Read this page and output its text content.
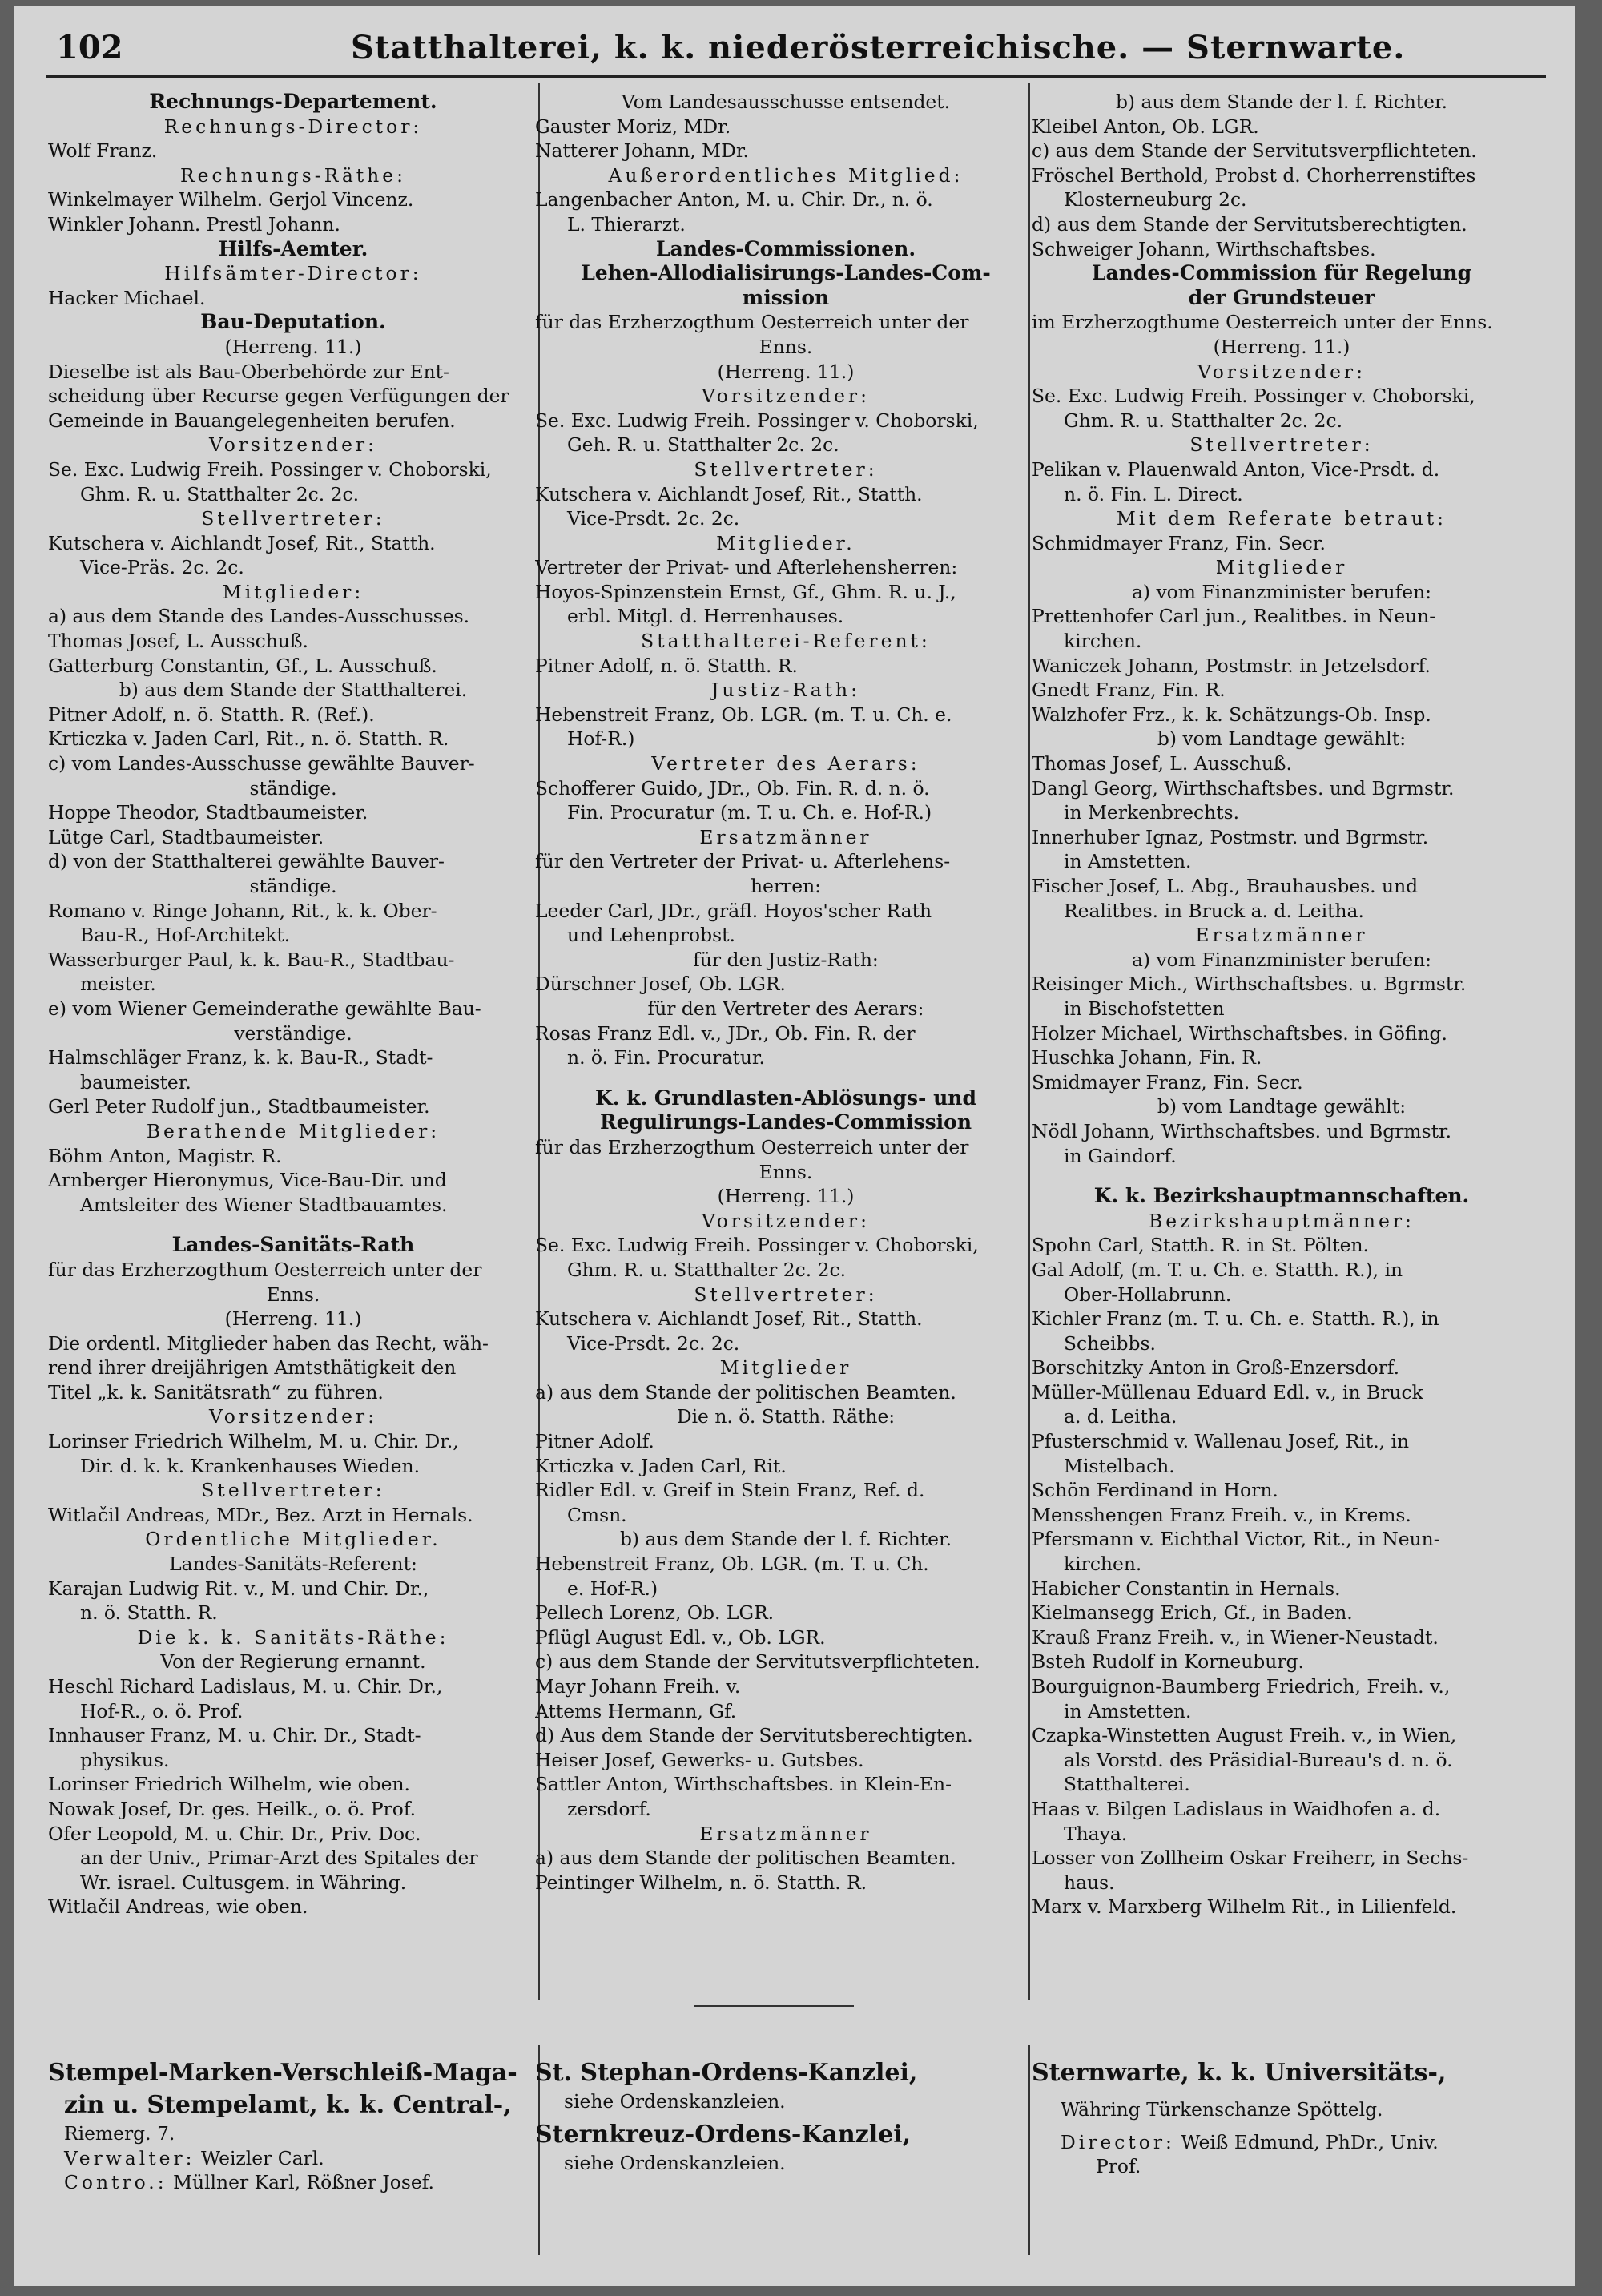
102	Statthalterei, k. k. niederösterreichische. — Sternwarte.
Rechnungs-Departement.
Rechnungs-Director:
Wolf Franz.
Rechnungs-Räthe:
Winkelmayer Wilhelm. Gerjol Vincenz.
Winkler Johann. Prestl Johann.
Hilfs-Aemter.
Hilfsämter-Director:
Hacker Michael.
Bau-Deputation.
(Herreng. 11.)
Dieselbe ist als Bau-Oberbehörde zur Ent-
scheidung über Recurse gegen Verfügungen der
Gemeinde in Bauangelegenheiten berufen.
Vorsitzender:
Se. Exc. Ludwig Freih. Possinger v. Choborski,
Ghm. R. u. Statthalter 2c. 2c.
Stellvertreter:
Kutschera v. Aichlandt Josef, Rit., Statth.
Vice-Präs. 2c. 2c.
Mitglieder:
a) aus dem Stande des Landes-Ausschusses.
Thomas Josef, L. Ausschuß.
Gatterburg Constantin, Gf., L. Ausschuß.
b) aus dem Stande der Statthalterei.
Pitner Adolf, n. ö. Statth. R. (Ref.).
Krticzka v. Jaden Carl, Rit., n. ö. Statth. R.
c) vom Landes-Ausschusse gewählte Bauver-
ständige.
Hoppe Theodor, Stadtbaumeister.
Lütge Carl, Stadtbaumeister.
d) von der Statthalterei gewählte Bauver-
ständige.
Romano v. Ringe Johann, Rit., k. k. Ober-
Bau-R., Hof-Architekt.
Wasserburger Paul, k. k. Bau-R., Stadtbau-
meister.
e) vom Wiener Gemeinderathe gewählte Bau-
verständige.
Halmschläger Franz, k. k. Bau-R., Stadt-
baumeister.
Gerl Peter Rudolf jun., Stadtbaumeister.
Berathende Mitglieder:
Böhm Anton, Magistr. R.
Arnberger Hieronymus, Vice-Bau-Dir. und
Amtsleiter des Wiener Stadtbauamtes.
Landes-Sanitäts-Rath
für das Erzherzogthum Oesterreich unter der
Enns.
(Herreng. 11.)
Die ordentl. Mitglieder haben das Recht, wäh-
rend ihrer dreijährigen Amtsthätigkeit den
Titel „k. k. Sanitätsrath“ zu führen.
Vorsitzender:
Lorinser Friedrich Wilhelm, M. u. Chir. Dr.,
Dir. d. k. k. Krankenhauses Wieden.
Stellvertreter:
Witlačil Andreas, MDr., Bez. Arzt in Hernals.
Ordentliche Mitglieder.
Landes-Sanitäts-Referent:
Karajan Ludwig Rit. v., M. und Chir. Dr.,
n. ö. Statth. R.
Die k. k. Sanitäts-Räthe:
Von der Regierung ernannt.
Heschl Richard Ladislaus, M. u. Chir. Dr.,
Hof-R., o. ö. Prof.
Innhauser Franz, M. u. Chir. Dr., Stadt-
physikus.
Lorinser Friedrich Wilhelm, wie oben.
Nowak Josef, Dr. ges. Heilk., o. ö. Prof.
Ofer Leopold, M. u. Chir. Dr., Priv. Doc.
an der Univ., Primar-Arzt des Spitales der
Wr. israel. Cultusgem. in Währing.
Witlačil Andreas, wie oben.
Vom Landesausschusse entsendet.
Gauster Moriz, MDr.
Natterer Johann, MDr.
Außerordentliches Mitglied:
Langenbacher Anton, M. u. Chir. Dr., n. ö.
L. Thierarzt.
Landes-Commissionen.
Lehen-Allodialisirungs-Landes-Com-
mission
für das Erzherzogthum Oesterreich unter der
Enns.
(Herreng. 11.)
Vorsitzender:
Se. Exc. Ludwig Freih. Possinger v. Choborski,
Geh. R. u. Statthalter 2c. 2c.
Stellvertreter:
Kutschera v. Aichlandt Josef, Rit., Statth.
Vice-Prsdt. 2c. 2c.
Mitglieder.
Vertreter der Privat- und Afterlehensherren:
Hoyos-Spinzenstein Ernst, Gf., Ghm. R. u. J.,
erbl. Mitgl. d. Herrenhauses.
Statthalterei-Referent:
Pitner Adolf, n. ö. Statth. R.
Justiz-Rath:
Hebenstreit Franz, Ob. LGR. (m. T. u. Ch. e.
Hof-R.)
Vertreter des Aerars:
Schofferer Guido, JDr., Ob. Fin. R. d. n. ö.
Fin. Procuratur (m. T. u. Ch. e. Hof-R.)
Ersatzmänner
für den Vertreter der Privat- u. Afterlehens-
herren:
Leeder Carl, JDr., gräfl. Hoyos'scher Rath
und Lehenprobst.
für den Justiz-Rath:
Dürschner Josef, Ob. LGR.
für den Vertreter des Aerars:
Rosas Franz Edl. v., JDr., Ob. Fin. R. der
n. ö. Fin. Procuratur.
K. k. Grundlasten-Ablösungs- und
Regulirungs-Landes-Commission
für das Erzherzogthum Oesterreich unter der
Enns.
(Herreng. 11.)
Vorsitzender:
Se. Exc. Ludwig Freih. Possinger v. Choborski,
Ghm. R. u. Statthalter 2c. 2c.
Stellvertreter:
Kutschera v. Aichlandt Josef, Rit., Statth.
Vice-Prsdt. 2c. 2c.
Mitglieder
a) aus dem Stande der politischen Beamten.
Die n. ö. Statth. Räthe:
Pitner Adolf.
Krticzka v. Jaden Carl, Rit.
Ridler Edl. v. Greif in Stein Franz, Ref. d.
Cmsn.
b) aus dem Stande der l. f. Richter.
Hebenstreit Franz, Ob. LGR. (m. T. u. Ch.
e. Hof-R.)
Pellech Lorenz, Ob. LGR.
Pflügl August Edl. v., Ob. LGR.
c) aus dem Stande der Servitutsverpflichteten.
Mayr Johann Freih. v.
Attems Hermann, Gf.
d) Aus dem Stande der Servitutsberechtigten.
Heiser Josef, Gewerks- u. Gutsbes.
Sattler Anton, Wirthschaftsbes. in Klein-En-
zersdorf.
Ersatzmänner
a) aus dem Stande der politischen Beamten.
Peintinger Wilhelm, n. ö. Statth. R.
b) aus dem Stande der l. f. Richter.
Kleibel Anton, Ob. LGR.
c) aus dem Stande der Servitutsverpflichteten.
Fröschel Berthold, Probst d. Chorherrenstiftes
Klosterneuburg 2c.
d) aus dem Stande der Servitutsberechtigten.
Schweiger Johann, Wirthschaftsbes.
Landes-Commission für Regelung
der Grundsteuer
im Erzherzogthume Oesterreich unter der Enns.
(Herreng. 11.)
Vorsitzender:
Se. Exc. Ludwig Freih. Possinger v. Choborski,
Ghm. R. u. Statthalter 2c. 2c.
Stellvertreter:
Pelikan v. Plauenwald Anton, Vice-Prsdt. d.
n. ö. Fin. L. Direct.
Mit dem Referate betraut:
Schmidmayer Franz, Fin. Secr.
Mitglieder
a) vom Finanzminister berufen:
Prettenhofer Carl jun., Realitbes. in Neun-
kirchen.
Waniczek Johann, Postmstr. in Jetzelsdorf.
Gnedt Franz, Fin. R.
Walzhofer Frz., k. k. Schätzungs-Ob. Insp.
b) vom Landtage gewählt:
Thomas Josef, L. Ausschuß.
Dangl Georg, Wirthschaftsbes. und Bgrmstr.
in Merkenbrechts.
Innerhuber Ignaz, Postmstr. und Bgrmstr.
in Amstetten.
Fischer Josef, L. Abg., Brauhausbes. und
Realitbes. in Bruck a. d. Leitha.
Ersatzmänner
a) vom Finanzminister berufen:
Reisinger Mich., Wirthschaftsbes. u. Bgrmstr.
in Bischofstetten
Holzer Michael, Wirthschaftsbes. in Göfing.
Huschka Johann, Fin. R.
Smidmayer Franz, Fin. Secr.
b) vom Landtage gewählt:
Nödl Johann, Wirthschaftsbes. und Bgrmstr.
in Gaindorf.
K. k. Bezirkshauptmannschaften.
Bezirkshauptmänner:
Spohn Carl, Statth. R. in St. Pölten.
Gal Adolf, (m. T. u. Ch. e. Statth. R.), in
Ober-Hollabrunn.
Kichler Franz (m. T. u. Ch. e. Statth. R.), in
Scheibbs.
Borschitzky Anton in Groß-Enzersdorf.
Müller-Müllenau Eduard Edl. v., in Bruck
a. d. Leitha.
Pfusterschmid v. Wallenau Josef, Rit., in
Mistelbach.
Schön Ferdinand in Horn.
Mensshengen Franz Freih. v., in Krems.
Pfersmann v. Eichthal Victor, Rit., in Neun-
kirchen.
Habicher Constantin in Hernals.
Kielmansegg Erich, Gf., in Baden.
Krauß Franz Freih. v., in Wiener-Neustadt.
Bsteh Rudolf in Korneuburg.
Bourguignon-Baumberg Friedrich, Freih. v.,
in Amstetten.
Czapka-Winstetten August Freih. v., in Wien,
als Vorstd. des Präsidial-Bureau's d. n. ö.
Statthalterei.
Haas v. Bilgen Ladislaus in Waidhofen a. d.
Thaya.
Losser von Zollheim Oskar Freiherr, in Sechs-
haus.
Marx v. Marxberg Wilhelm Rit., in Lilienfeld.
Stempel-Marken-Verschleiß-Maga-
zin u. Stempelamt, k. k. Central-,
Riemerg. 7.
Verwalter: Weizler Carl.
Contro.: Müllner Karl, Rößner Josef.
St. Stephan-Ordens-Kanzlei,
siehe Ordenskanzleien.
Sternkreuz-Ordens-Kanzlei,
siehe Ordenskanzleien.
Sternwarte, k. k. Universitäts-,
Währing Türkenschanze Spöttelg.
Director: Weiß Edmund, PhDr., Univ.
Prof.
